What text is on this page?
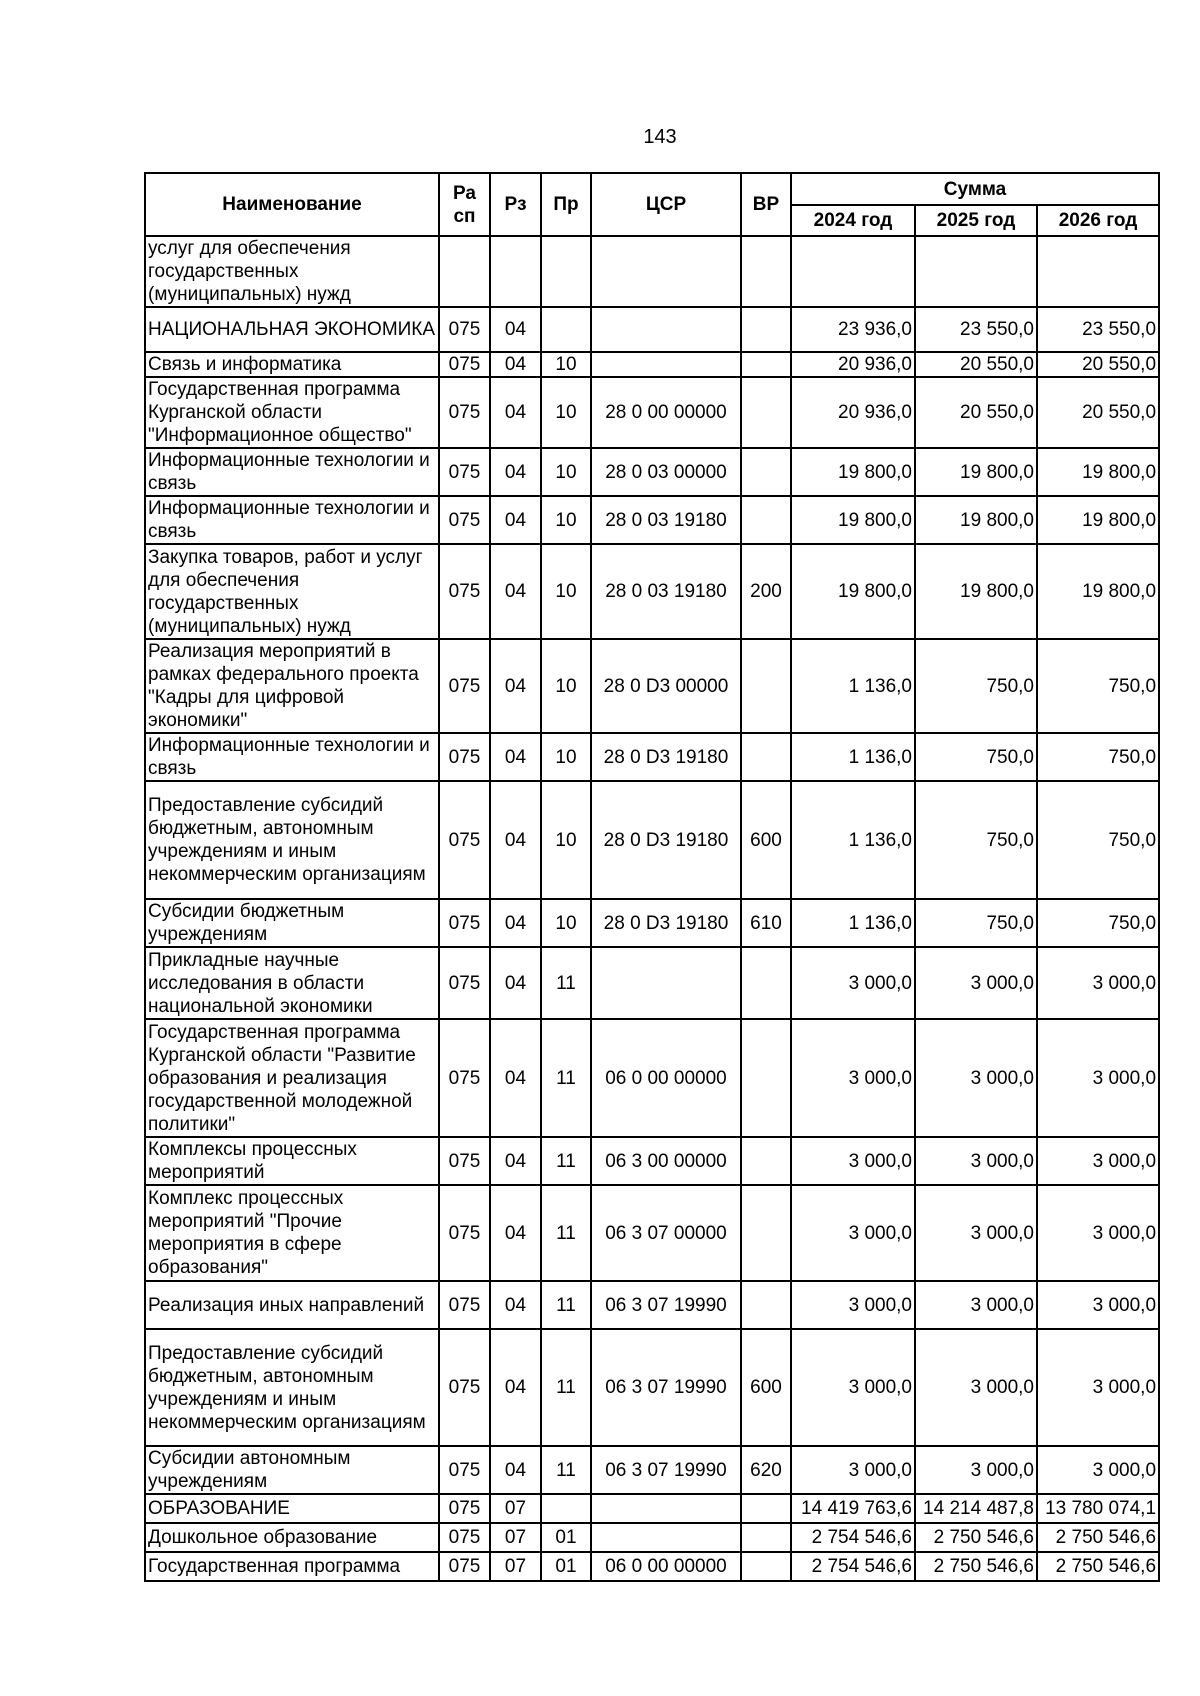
143
Наименование	Ра сп	Рз	Пр	ЦСР	ВР	Сумма		
						2024 год	2025 год	2026 год
услуг для обеспечения государственных (муниципальных) нужд								
НАЦИОНАЛЬНАЯ ЭКОНОМИКА	075	04				23 936,0	23 550,0	23 550,0
Связь и информатика	075	04	10			20 936,0	20 550,0	20 550,0
Государственная программа Курганской области "Информационное общество"	075	04	10	28 0 00 00000		20 936,0	20 550,0	20 550,0
Информационные технологии и связь	075	04	10	28 0 03 00000		19 800,0	19 800,0	19 800,0
Информационные технологии и связь	075	04	10	28 0 03 19180		19 800,0	19 800,0	19 800,0
Закупка товаров, работ и услуг для обеспечения государственных (муниципальных) нужд	075	04	10	28 0 03 19180	200	19 800,0	19 800,0	19 800,0
Реализация мероприятий в рамках федерального проекта "Кадры для цифровой экономики"	075	04	10	28 0 D3 00000		1 136,0	750,0	750,0
Информационные технологии и связь	075	04	10	28 0 D3 19180		1 136,0	750,0	750,0
Предоставление субсидий бюджетным, автономным учреждениям и иным некоммерческим организациям	075	04	10	28 0 D3 19180	600	1 136,0	750,0	750,0
Субсидии бюджетным учреждениям	075	04	10	28 0 D3 19180	610	1 136,0	750,0	750,0
Прикладные научные исследования в области национальной экономики	075	04	11			3 000,0	3 000,0	3 000,0
Государственная программа Курганской области "Развитие образования и реализация государственной молодежной политики"	075	04	11	06 0 00 00000		3 000,0	3 000,0	3 000,0
Комплексы процессных мероприятий	075	04	11	06 3 00 00000		3 000,0	3 000,0	3 000,0
Комплекс процессных мероприятий "Прочие мероприятия в сфере образования"	075	04	11	06 3 07 00000		3 000,0	3 000,0	3 000,0
Реализация иных направлений	075	04	11	06 3 07 19990		3 000,0	3 000,0	3 000,0
Предоставление субсидий бюджетным, автономным учреждениям и иным некоммерческим организациям	075	04	11	06 3 07 19990	600	3 000,0	3 000,0	3 000,0
Субсидии автономным учреждениям	075	04	11	06 3 07 19990	620	3 000,0	3 000,0	3 000,0
ОБРАЗОВАНИЕ	075	07				14 419 763,6	14 214 487,8	13 780 074,1
Дошкольное образование	075	07	01			2 754 546,6	2 750 546,6	2 750 546,6
Государственная программа	075	07	01	06 0 00 00000		2 754 546,6	2 750 546,6	2 750 546,6
